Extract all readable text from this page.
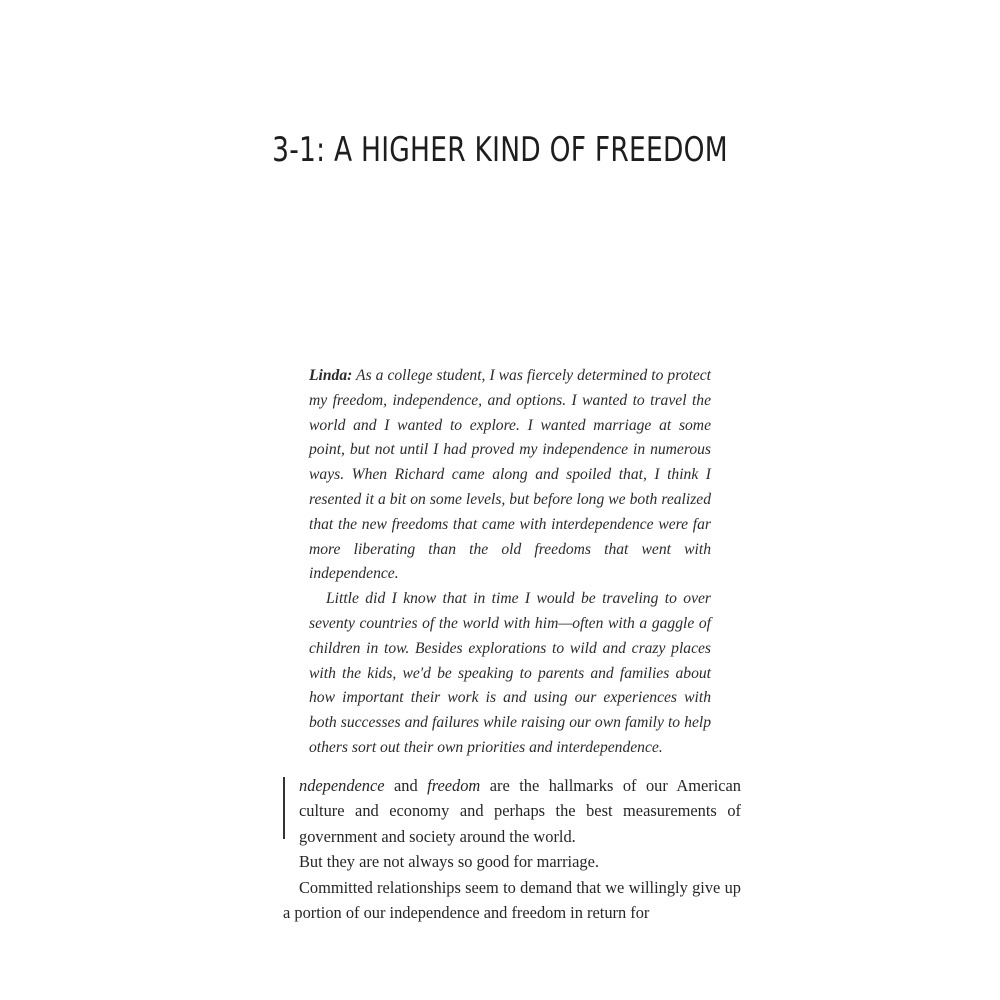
3-1: A HIGHER KIND OF FREEDOM

Linda: As a college student, I was fiercely determined to protect my freedom, independence, and options. I wanted to travel the world and I wanted to explore. I wanted marriage at some point, but not until I had proved my independence in numerous ways. When Richard came along and spoiled that, I think I resented it a bit on some levels, but before long we both realized that the new freedoms that came with interdependence were far more liberating than the old freedoms that went with independence.

Little did I know that in time I would be traveling to over seventy countries of the world with him—often with a gaggle of children in tow. Besides explorations to wild and crazy places with the kids, we'd be speaking to parents and families about how important their work is and using our experiences with both successes and failures while raising our own family to help others sort out their own priorities and interdependence.

ndependence and freedom are the hallmarks of our American culture and economy and perhaps the best measurements of government and society around the world.

But they are not always so good for marriage.

Committed relationships seem to demand that we willingly give up a portion of our independence and freedom in return for
